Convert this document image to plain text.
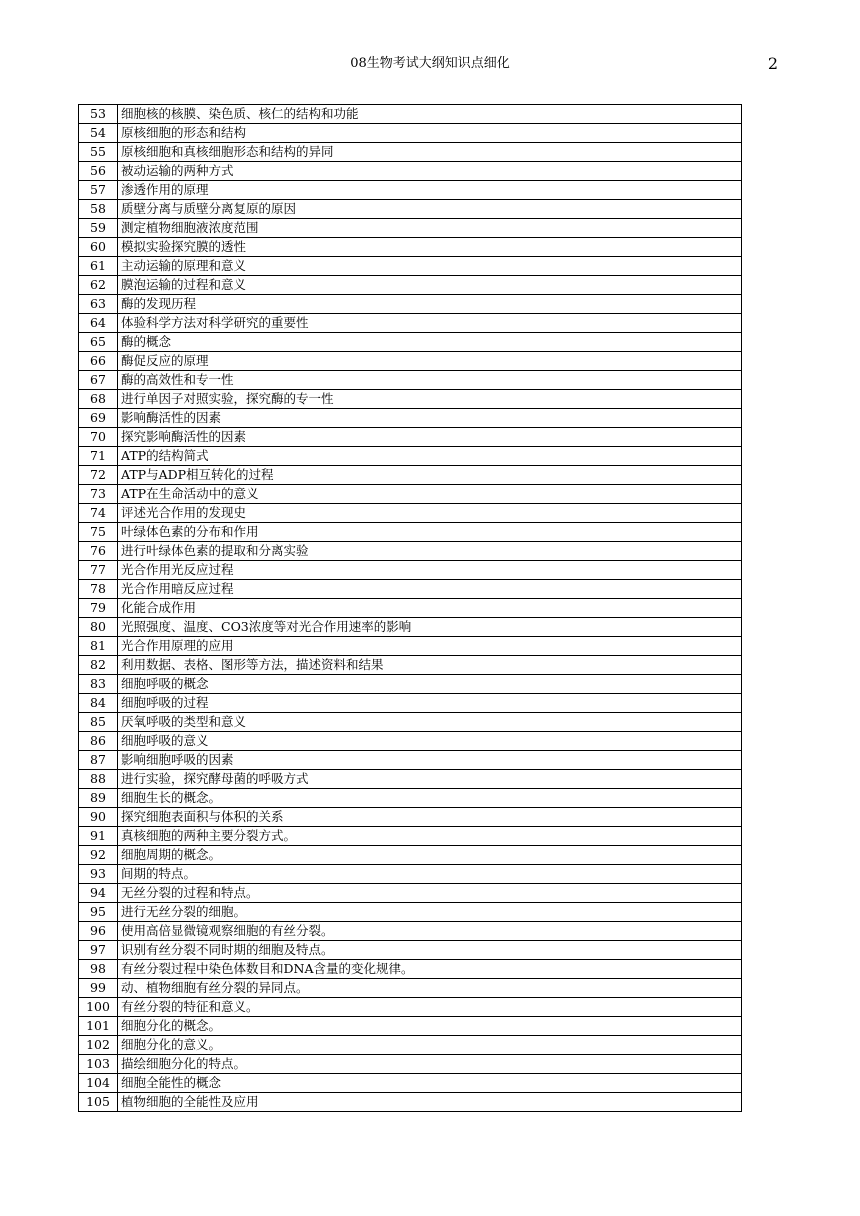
08生物考试大纲知识点细化	2
53	细胞核的核膜、染色质、核仁的结构和功能
54	原核细胞的形态和结构
55	原核细胞和真核细胞形态和结构的异同
56	被动运输的两种方式
57	渗透作用的原理
58	质壁分离与质壁分离复原的原因
59	测定植物细胞液浓度范围
60	模拟实验探究膜的透性
61	主动运输的原理和意义
62	膜泡运输的过程和意义
63	酶的发现历程
64	体验科学方法对科学研究的重要性
65	酶的概念
66	酶促反应的原理
67	酶的高效性和专一性
68	进行单因子对照实验，探究酶的专一性
69	影响酶活性的因素
70	探究影响酶活性的因素
71	ATP的结构简式
72	ATP与ADP相互转化的过程
73	ATP在生命活动中的意义
74	评述光合作用的发现史
75	叶绿体色素的分布和作用
76	进行叶绿体色素的提取和分离实验
77	光合作用光反应过程
78	光合作用暗反应过程
79	化能合成作用
80	光照强度、温度、CO3浓度等对光合作用速率的影响
81	光合作用原理的应用
82	利用数据、表格、图形等方法，描述资料和结果
83	细胞呼吸的概念
84	细胞呼吸的过程
85	厌氧呼吸的类型和意义
86	细胞呼吸的意义
87	影响细胞呼吸的因素
88	进行实验，探究酵母菌的呼吸方式
89	细胞生长的概念。
90	探究细胞表面积与体积的关系
91	真核细胞的两种主要分裂方式。
92	细胞周期的概念。
93	间期的特点。
94	无丝分裂的过程和特点。
95	进行无丝分裂的细胞。
96	使用高倍显微镜观察细胞的有丝分裂。
97	识别有丝分裂不同时期的细胞及特点。
98	有丝分裂过程中染色体数目和DNA含量的变化规律。
99	动、植物细胞有丝分裂的异同点。
100	有丝分裂的特征和意义。
101	细胞分化的概念。
102	细胞分化的意义。
103	描绘细胞分化的特点。
104	细胞全能性的概念
105	植物细胞的全能性及应用
